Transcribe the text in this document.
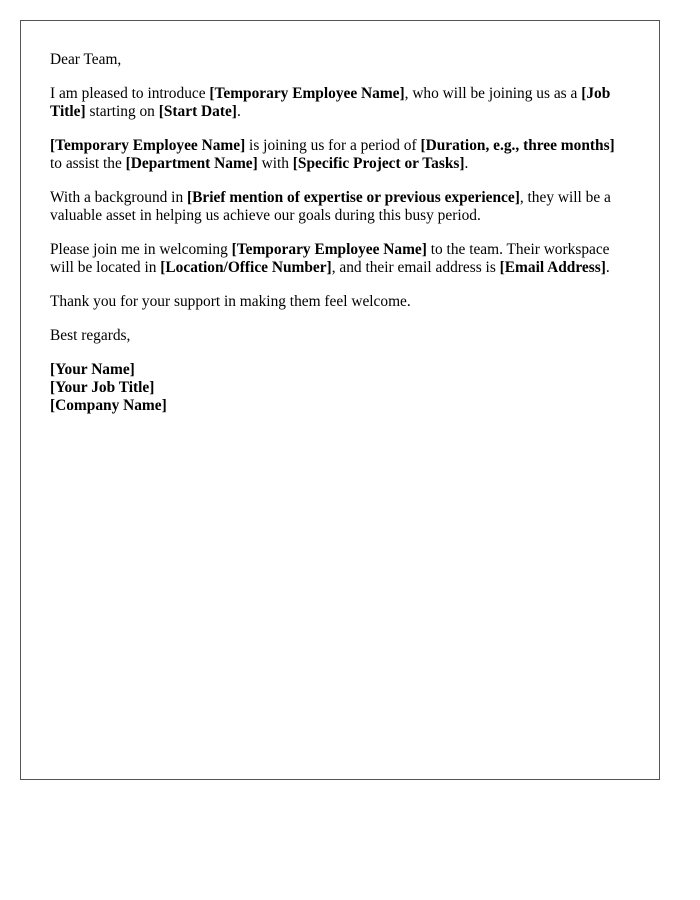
Dear Team,

I am pleased to introduce [Temporary Employee Name], who will be joining us as a [Job Title] starting on [Start Date].

[Temporary Employee Name] is joining us for a period of [Duration, e.g., three months] to assist the [Department Name] with [Specific Project or Tasks].

With a background in [Brief mention of expertise or previous experience], they will be a valuable asset in helping us achieve our goals during this busy period.

Please join me in welcoming [Temporary Employee Name] to the team. Their workspace will be located in [Location/Office Number], and their email address is [Email Address].

Thank you for your support in making them feel welcome.

Best regards,

[Your Name]
[Your Job Title]
[Company Name]
